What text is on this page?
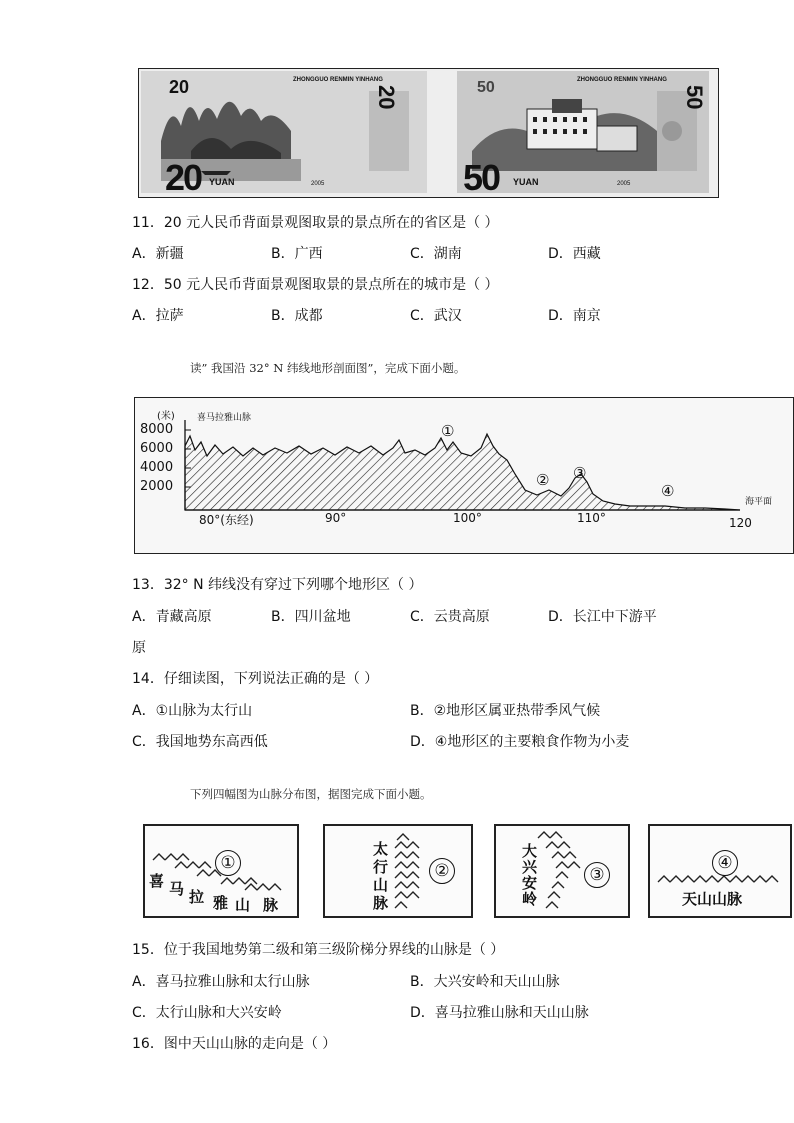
20	ZHONGGUO RENMIN YINHANG
20 YUAN	2005
20	50	ZHONGGUO RENMIN YINHANG
50 YUAN	2005
50
11．20 元人民币背面景观图取景的景点所在的省区是（ ）
A．新疆	B．广西	C．湖南	D．西藏
12．50 元人民币背面景观图取景的景点所在的城市是（ ）
A．拉萨	B．成都	C．武汉	D．南京
读” 我国沿 32° N 纬线地形剖面图”，完成下面小题。
(米) 喜马拉雅山脉
8000
6000
4000
2000
80°(东经)	90°	100°	110°	120
海平面
①
② ③
④
13．32° N 纬线没有穿过下列哪个地形区（ ）
A．青藏高原	B．四川盆地	C．云贵高原	D．长江中下游平
原
14．仔细读图，下列说法正确的是（ ）
A．①山脉为太行山	B．②地形区属亚热带季风气候
C．我国地势东高西低	D．④地形区的主要粮食作物为小麦
下列四幅图为山脉分布图，据图完成下面小题。
①
喜 马 拉 雅 山 脉
太
行
山
脉
②
大
兴
安
岭
③
④
天山山脉
15．位于我国地势第二级和第三级阶梯分界线的山脉是（ ）
A．喜马拉雅山脉和太行山脉	B．大兴安岭和天山山脉
C．太行山脉和大兴安岭	D．喜马拉雅山脉和天山山脉
16．图中天山山脉的走向是（ ）
